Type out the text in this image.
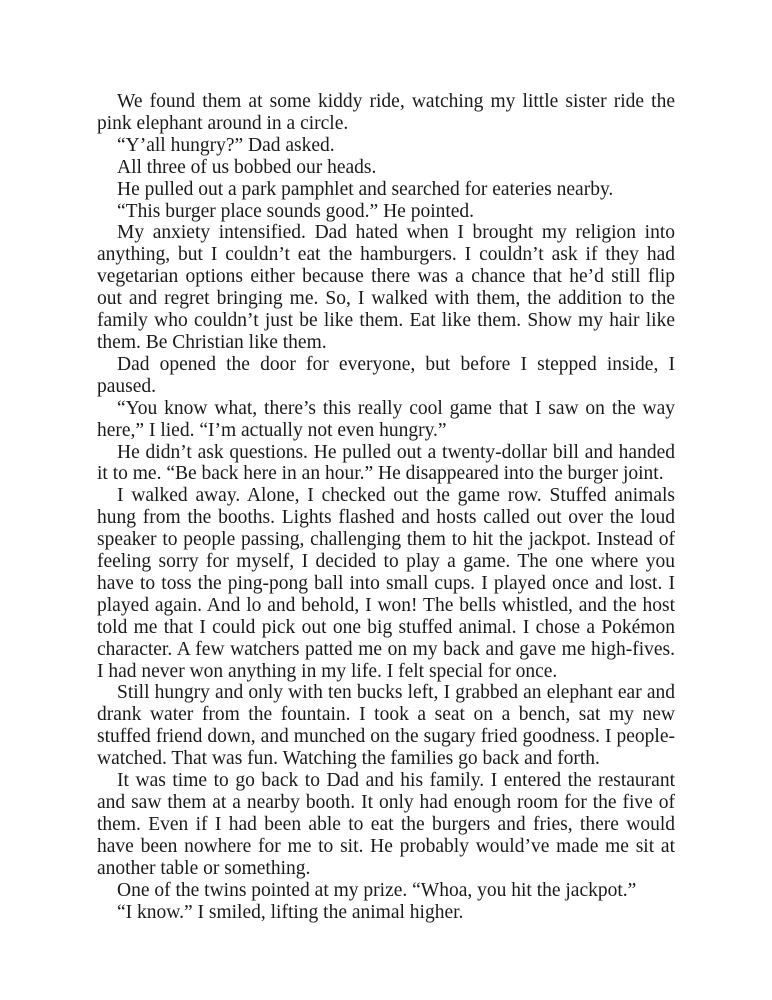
We found them at some kiddy ride, watching my little sister ride the pink elephant around in a circle.

“Y’all hungry?” Dad asked.

All three of us bobbed our heads.

He pulled out a park pamphlet and searched for eateries nearby.

“This burger place sounds good.” He pointed.

My anxiety intensified. Dad hated when I brought my religion into anything, but I couldn’t eat the hamburgers. I couldn’t ask if they had vegetarian options either because there was a chance that he’d still flip out and regret bringing me. So, I walked with them, the addition to the family who couldn’t just be like them. Eat like them. Show my hair like them. Be Christian like them.

Dad opened the door for everyone, but before I stepped inside, I paused.

“You know what, there’s this really cool game that I saw on the way here,” I lied. “I’m actually not even hungry.”

He didn’t ask questions. He pulled out a twenty-dollar bill and handed it to me. “Be back here in an hour.” He disappeared into the burger joint.

I walked away. Alone, I checked out the game row. Stuffed animals hung from the booths. Lights flashed and hosts called out over the loud speaker to people passing, challenging them to hit the jackpot. Instead of feeling sorry for myself, I decided to play a game. The one where you have to toss the ping-pong ball into small cups. I played once and lost. I played again. And lo and behold, I won! The bells whistled, and the host told me that I could pick out one big stuffed animal. I chose a Pokémon character. A few watchers patted me on my back and gave me high-fives. I had never won anything in my life. I felt special for once.

Still hungry and only with ten bucks left, I grabbed an elephant ear and drank water from the fountain. I took a seat on a bench, sat my new stuffed friend down, and munched on the sugary fried goodness. I people-watched. That was fun. Watching the families go back and forth.

It was time to go back to Dad and his family. I entered the restaurant and saw them at a nearby booth. It only had enough room for the five of them. Even if I had been able to eat the burgers and fries, there would have been nowhere for me to sit. He probably would’ve made me sit at another table or something.

One of the twins pointed at my prize. “Whoa, you hit the jackpot.”

“I know.” I smiled, lifting the animal higher.
